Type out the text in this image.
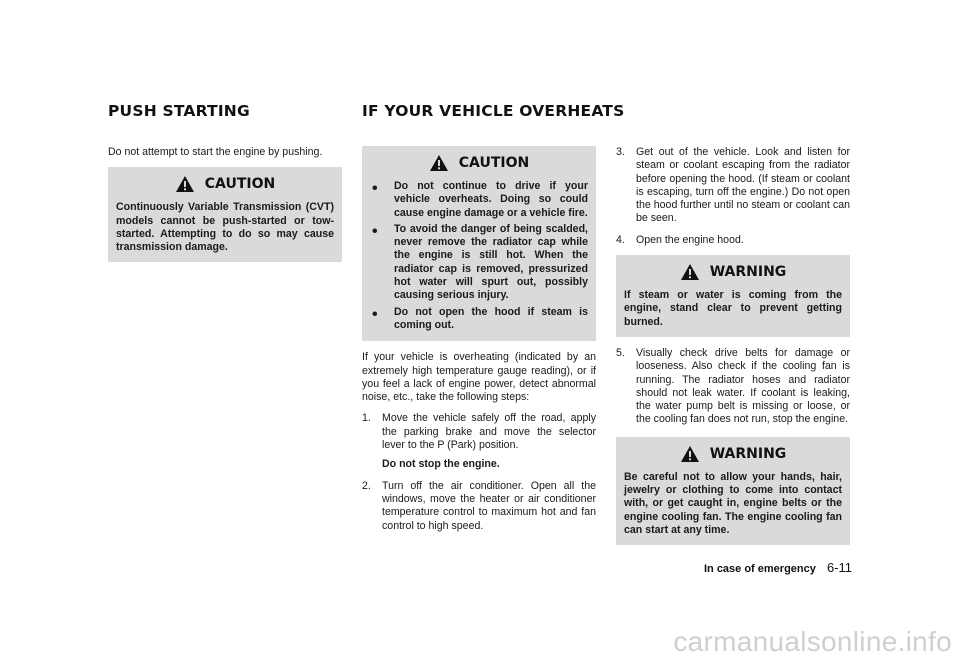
PUSH STARTING	IF YOUR VEHICLE OVERHEATS

Do not attempt to start the engine by pushing.

CAUTION
Continuously Variable Transmission (CVT) models cannot be push-started or tow-started. Attempting to do so may cause transmission damage.
CAUTION
•	Do not continue to drive if your vehicle overheats. Doing so could cause engine damage or a vehicle fire.
•	To avoid the danger of being scalded, never remove the radiator cap while the engine is still hot. When the radiator cap is removed, pressurized hot water will spurt out, possibly causing serious injury.
•	Do not open the hood if steam is coming out.

If your vehicle is overheating (indicated by an extremely high temperature gauge reading), or if you feel a lack of engine power, detect abnormal noise, etc., take the following steps:

1.	Move the vehicle safely off the road, apply the parking brake and move the selector lever to the P (Park) position.
Do not stop the engine.
2.	Turn off the air conditioner. Open all the windows, move the heater or air conditioner temperature control to maximum hot and fan control to high speed.
3.	Get out of the vehicle. Look and listen for steam or coolant escaping from the radiator before opening the hood. (If steam or coolant is escaping, turn off the engine.) Do not open the hood further until no steam or coolant can be seen.
4.	Open the engine hood.
WARNING
If steam or water is coming from the engine, stand clear to prevent getting burned.
5.	Visually check drive belts for damage or looseness. Also check if the cooling fan is running. The radiator hoses and radiator should not leak water. If coolant is leaking, the water pump belt is missing or loose, or the cooling fan does not run, stop the engine.
WARNING
Be careful not to allow your hands, hair, jewelry or clothing to come into contact with, or get caught in, engine belts or the engine cooling fan. The engine cooling fan can start at any time.
In case of emergency 6-11
carmanualsonline.info
